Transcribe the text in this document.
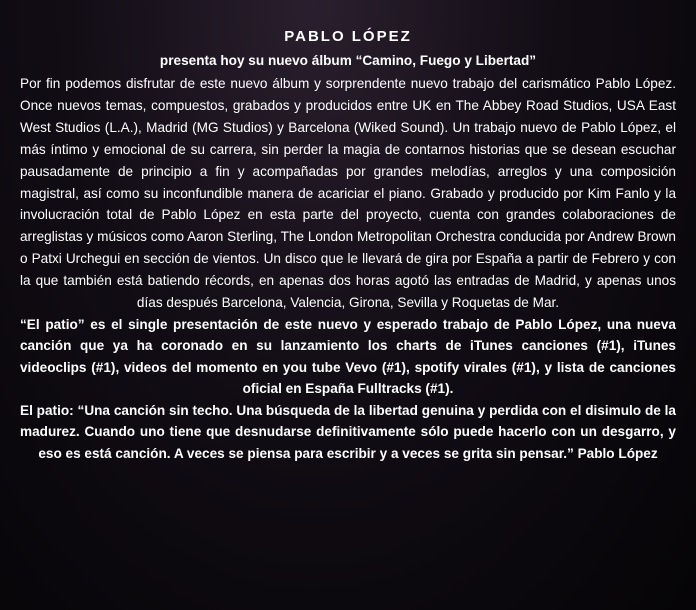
PABLO LÓPEZ
presenta hoy su nuevo álbum “Camino, Fuego y Libertad”

Por fin podemos disfrutar de este nuevo álbum y sorprendente nuevo trabajo del carismático Pablo López. Once nuevos temas, compuestos, grabados y producidos entre UK en The Abbey Road Studios, USA East West Studios (L.A.), Madrid (MG Studios) y Barcelona (Wiked Sound). Un trabajo nuevo de Pablo López, el más íntimo y emocional de su carrera, sin perder la magia de contarnos historias que se desean escuchar pausadamente de principio a fin y acompañadas por grandes melodías, arreglos y una composición magistral, así como su inconfundible manera de acariciar el piano. Grabado y producido por Kim Fanlo y la involucración total de Pablo López en esta parte del proyecto, cuenta con grandes colaboraciones de arreglistas y músicos como Aaron Sterling, The London Metropolitan Orchestra conducida por Andrew Brown o Patxi Urchegui en sección de vientos. Un disco que le llevará de gira por España a partir de Febrero y con la que también está batiendo récords, en apenas dos horas agotó las entradas de Madrid, y apenas unos días después Barcelona, Valencia, Girona, Sevilla y Roquetas de Mar.

“El patio” es el single presentación de este nuevo y esperado trabajo de Pablo López, una nueva canción que ya ha coronado en su lanzamiento los charts de iTunes canciones (#1), iTunes videoclips (#1), videos del momento en you tube Vevo (#1), spotify virales (#1), y lista de canciones oficial en España Fulltracks (#1).

El patio: “Una canción sin techo. Una búsqueda de la libertad genuina y perdida con el disimulo de la madurez. Cuando uno tiene que desnudarse definitivamente sólo puede hacerlo con un desgarro, y eso es está canción. A veces se piensa para escribir y a veces se grita sin pensar.” Pablo López
